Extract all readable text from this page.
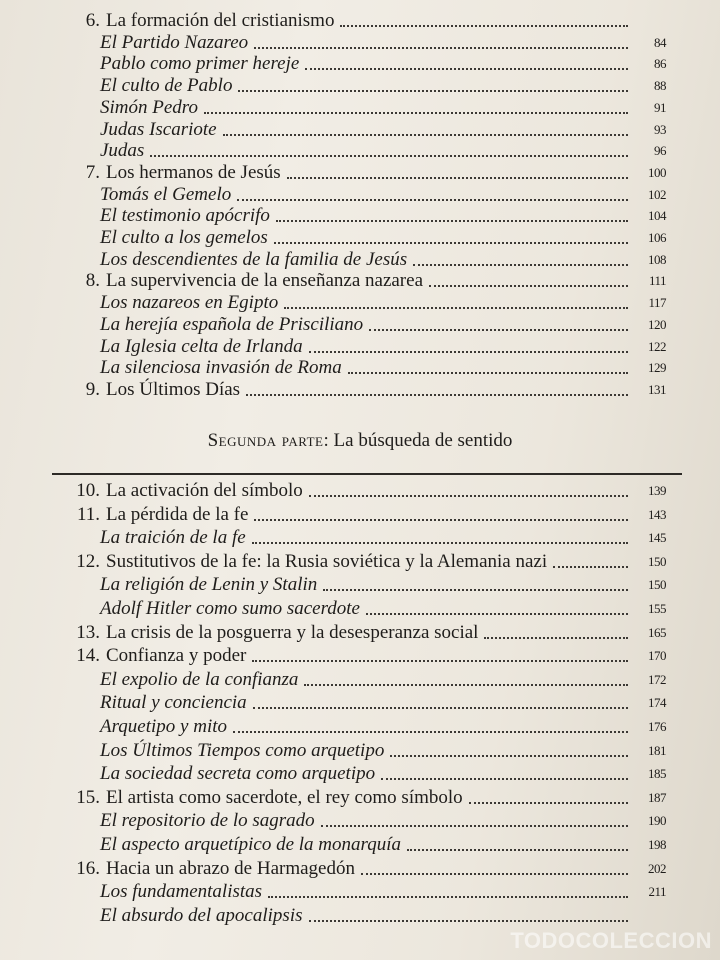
6. La formación del cristianismo
El Partido Nazareo	84
Pablo como primer hereje	86
El culto de Pablo	88
Simón Pedro	91
Judas Iscariote	93
Judas	96
7. Los hermanos de Jesús	100
Tomás el Gemelo	102
El testimonio apócrifo	104
El culto a los gemelos	106
Los descendientes de la familia de Jesús	108
8. La supervivencia de la enseñanza nazarea	111
Los nazareos en Egipto	117
La herejía española de Prisciliano	120
La Iglesia celta de Irlanda	122
La silenciosa invasión de Roma	129
9. Los Últimos Días	131
Segunda parte: La búsqueda de sentido
10. La activación del símbolo	139
11. La pérdida de la fe	143
La traición de la fe	145
12. Sustitutivos de la fe: la Rusia soviética y la Alemania nazi	150
La religión de Lenin y Stalin	150
Adolf Hitler como sumo sacerdote	155
13. La crisis de la posguerra y la desesperanza social	165
14. Confianza y poder	170
El expolio de la confianza	172
Ritual y conciencia	174
Arquetipo y mito	176
Los Últimos Tiempos como arquetipo	181
La sociedad secreta como arquetipo	185
15. El artista como sacerdote, el rey como símbolo	187
El repositorio de lo sagrado	190
El aspecto arquetípico de la monarquía	198
16. Hacia un abrazo de Harmagedón	202
Los fundamentalistas	211
El absurdo del apocalipsis
TODOCOLECCION
